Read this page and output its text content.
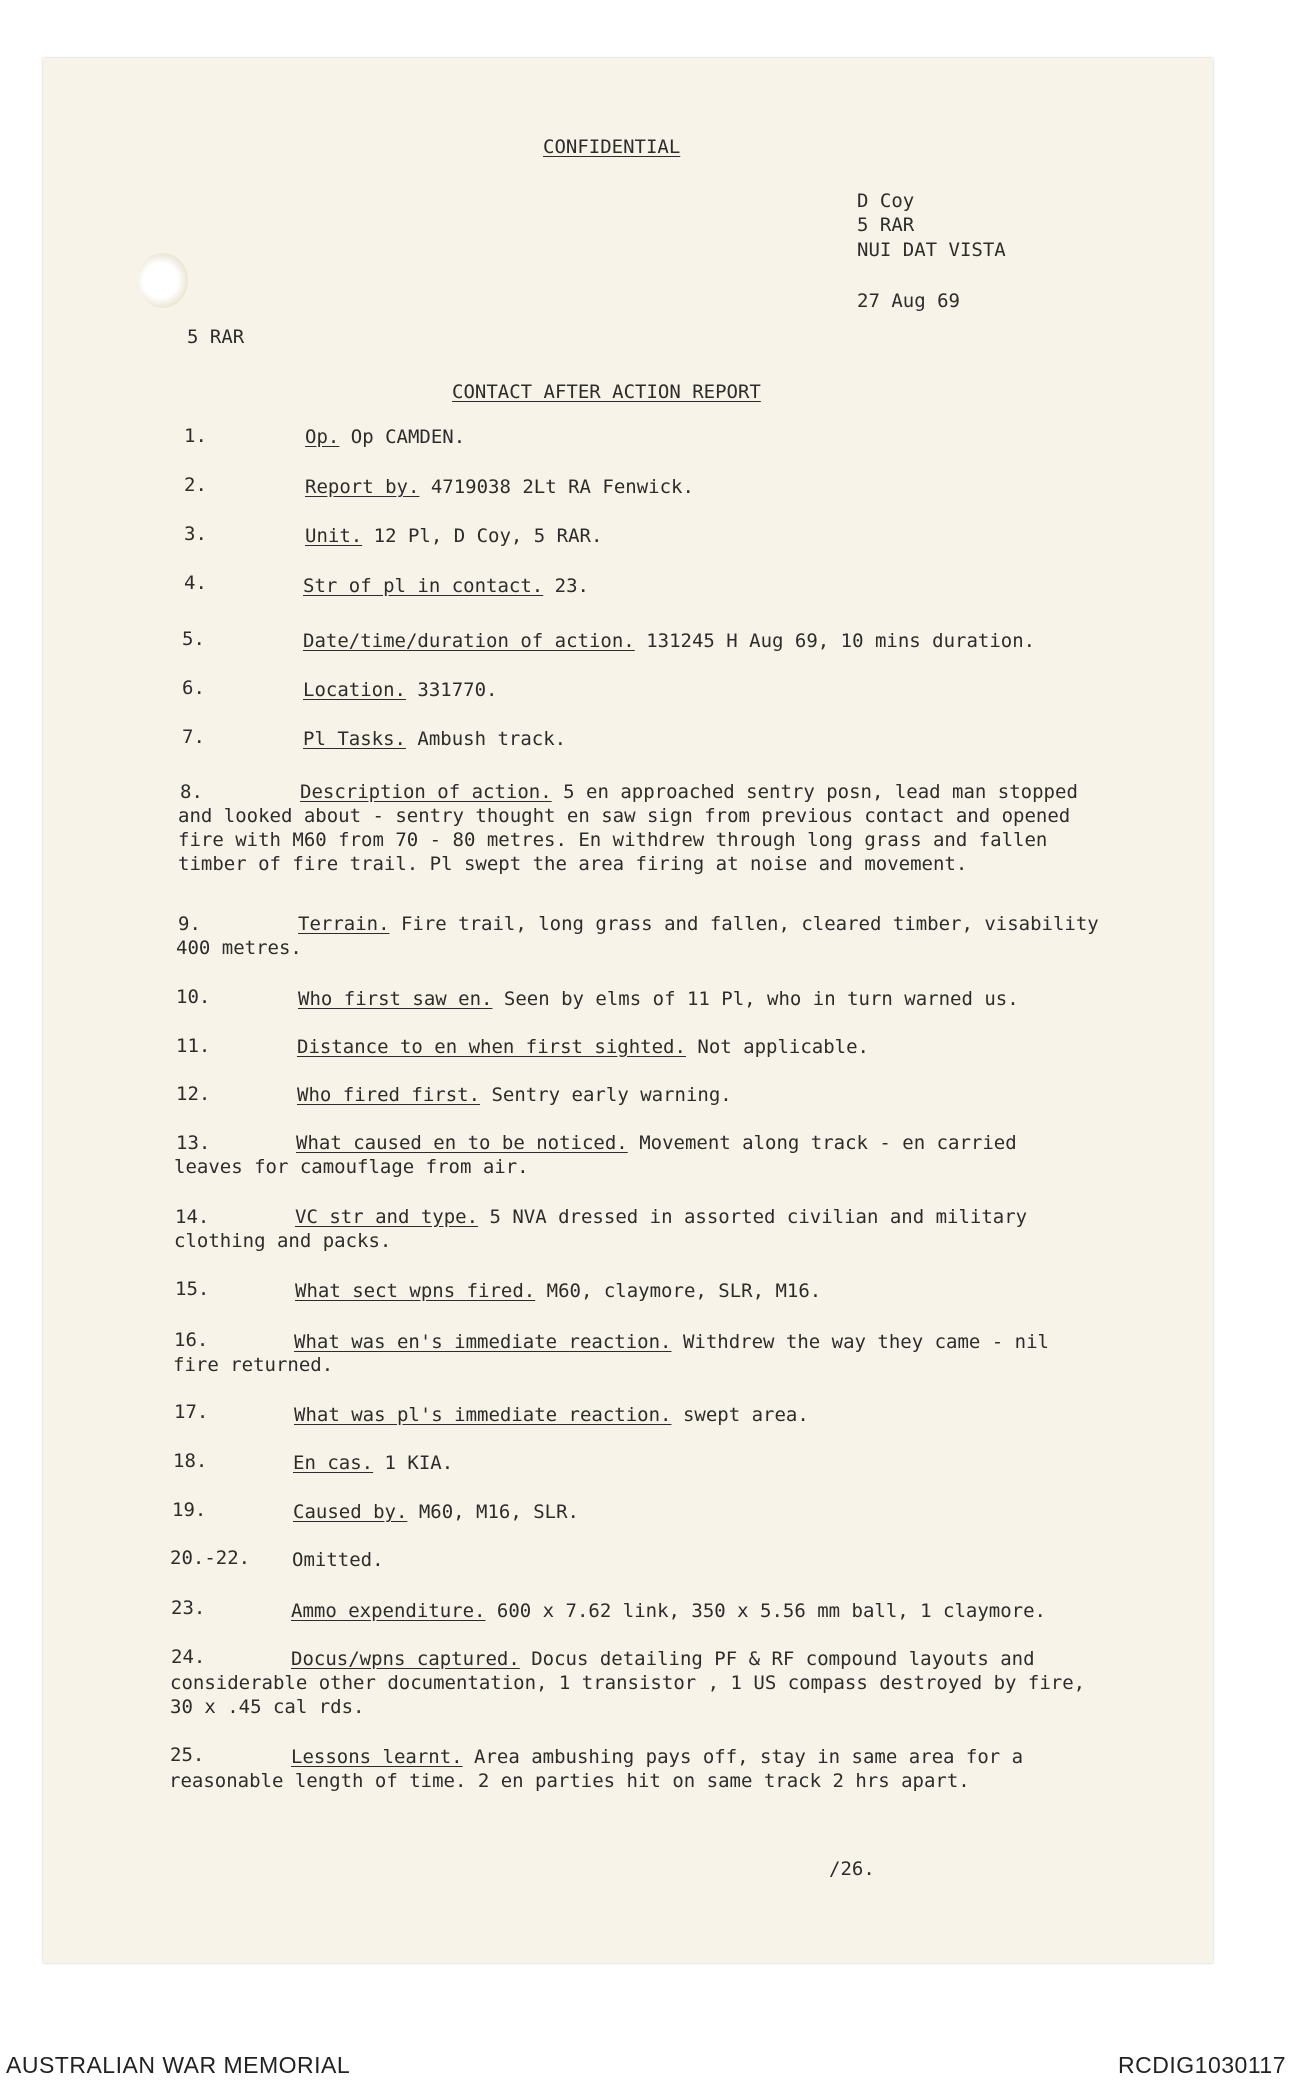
CONFIDENTIAL
D Coy
5 RAR
NUI DAT VISTA
27 Aug 69
5 RAR
CONTACT AFTER ACTION REPORT
1.	Op. Op CAMDEN.
2.	Report by. 4719038 2Lt RA Fenwick.
3.	Unit. 12 Pl, D Coy, 5 RAR.
4.	Str of pl in contact. 23.
5.	Date/time/duration of action. 131245 H Aug 69, 10 mins duration.
6.	Location. 331770.
7.	Pl Tasks. Ambush track.
8.	Description of action. 5 en approached sentry posn, lead man stopped
and looked about - sentry thought en saw sign from previous contact and opened
fire with M60 from 70 - 80 metres. En withdrew through long grass and fallen
timber of fire trail. Pl swept the area firing at noise and movement.
9.	Terrain. Fire trail, long grass and fallen, cleared timber, visability
400 metres.
10.	Who first saw en. Seen by elms of 11 Pl, who in turn warned us.
11.	Distance to en when first sighted. Not applicable.
12.	Who fired first. Sentry early warning.
13.	What caused en to be noticed. Movement along track - en carried
leaves for camouflage from air.
14.	VC str and type. 5 NVA dressed in assorted civilian and military
clothing and packs.
15.	What sect wpns fired. M60, claymore, SLR, M16.
16.	What was en's immediate reaction. Withdrew the way they came - nil
fire returned.
17.	What was pl's immediate reaction. swept area.
18.	En cas. 1 KIA.
19.	Caused by. M60, M16, SLR.
20.-22. Omitted.
23.	Ammo expenditure. 600 x 7.62 link, 350 x 5.56 mm ball, 1 claymore.
24.	Docus/wpns captured. Docus detailing PF & RF compound layouts and
considerable other documentation, 1 transistor , 1 US compass destroyed by fire,
30 x .45 cal rds.
25.	Lessons learnt. Area ambushing pays off, stay in same area for a
reasonable length of time. 2 en parties hit on same track 2 hrs apart.
/26.
AUSTRALIAN WAR MEMORIAL	RCDIG1030117
